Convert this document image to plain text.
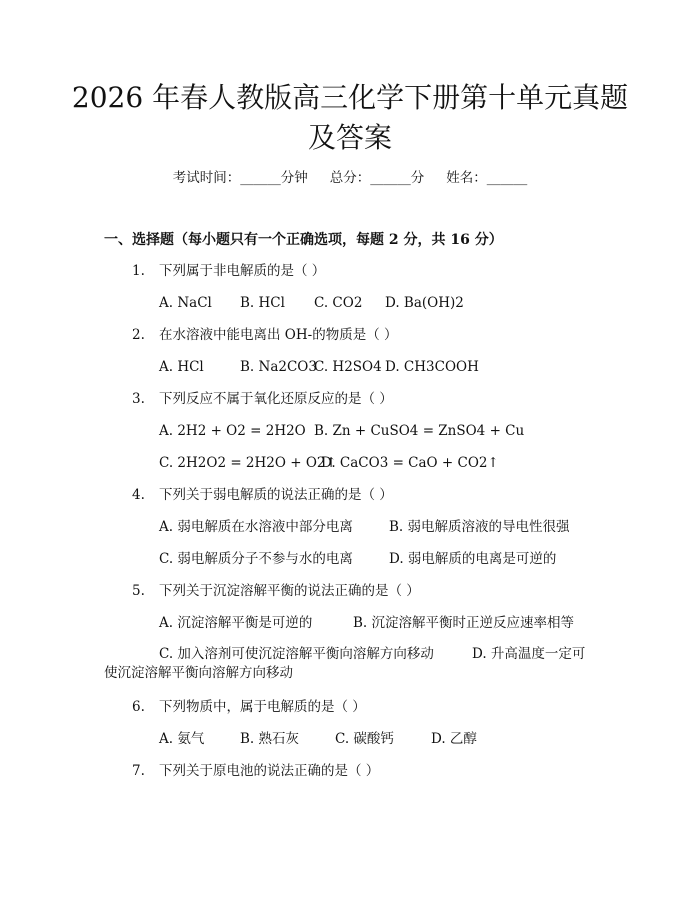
2026 年春人教版高三化学下册第十单元真题
及答案
考试时间：______分钟 总分：______分 姓名：______
一、选择题（每小题只有一个正确选项，每题 2 分，共 16 分）
1. 下列属于非电解质的是（ ）
A. NaCl B. HCl C. CO2 D. Ba(OH)2
2. 在水溶液中能电离出 OH-的物质是（ ）
A. HCl	B. Na2CO3
C. H2SO4 D. CH3COOH
3. 下列反应不属于氧化还原反应的是（ ）
A. 2H2 + O2 = 2H2O B. Zn + CuSO4 = ZnSO4 + Cu
C. 2H2O2 = 2H2O + O2↑
D. CaCO3 = CaO + CO2↑
4. 下列关于弱电解质的说法正确的是（ ）
A. 弱电解质在水溶液中部分电离	B. 弱电解质溶液的导电性很强
C. 弱电解质分子不参与水的电离	D. 弱电解质的电离是可逆的
5. 下列关于沉淀溶解平衡的说法正确的是（ ）
A. 沉淀溶解平衡是可逆的	B. 沉淀溶解平衡时正逆反应速率相等
C. 加入溶剂可使沉淀溶解平衡向溶解方向移动	D. 升高温度一定可
使沉淀溶解平衡向溶解方向移动
6. 下列物质中，属于电解质的是（ ）
A. 氨气	B. 熟石灰	C. 碳酸钙	D. 乙醇
7. 下列关于原电池的说法正确的是（ ）
